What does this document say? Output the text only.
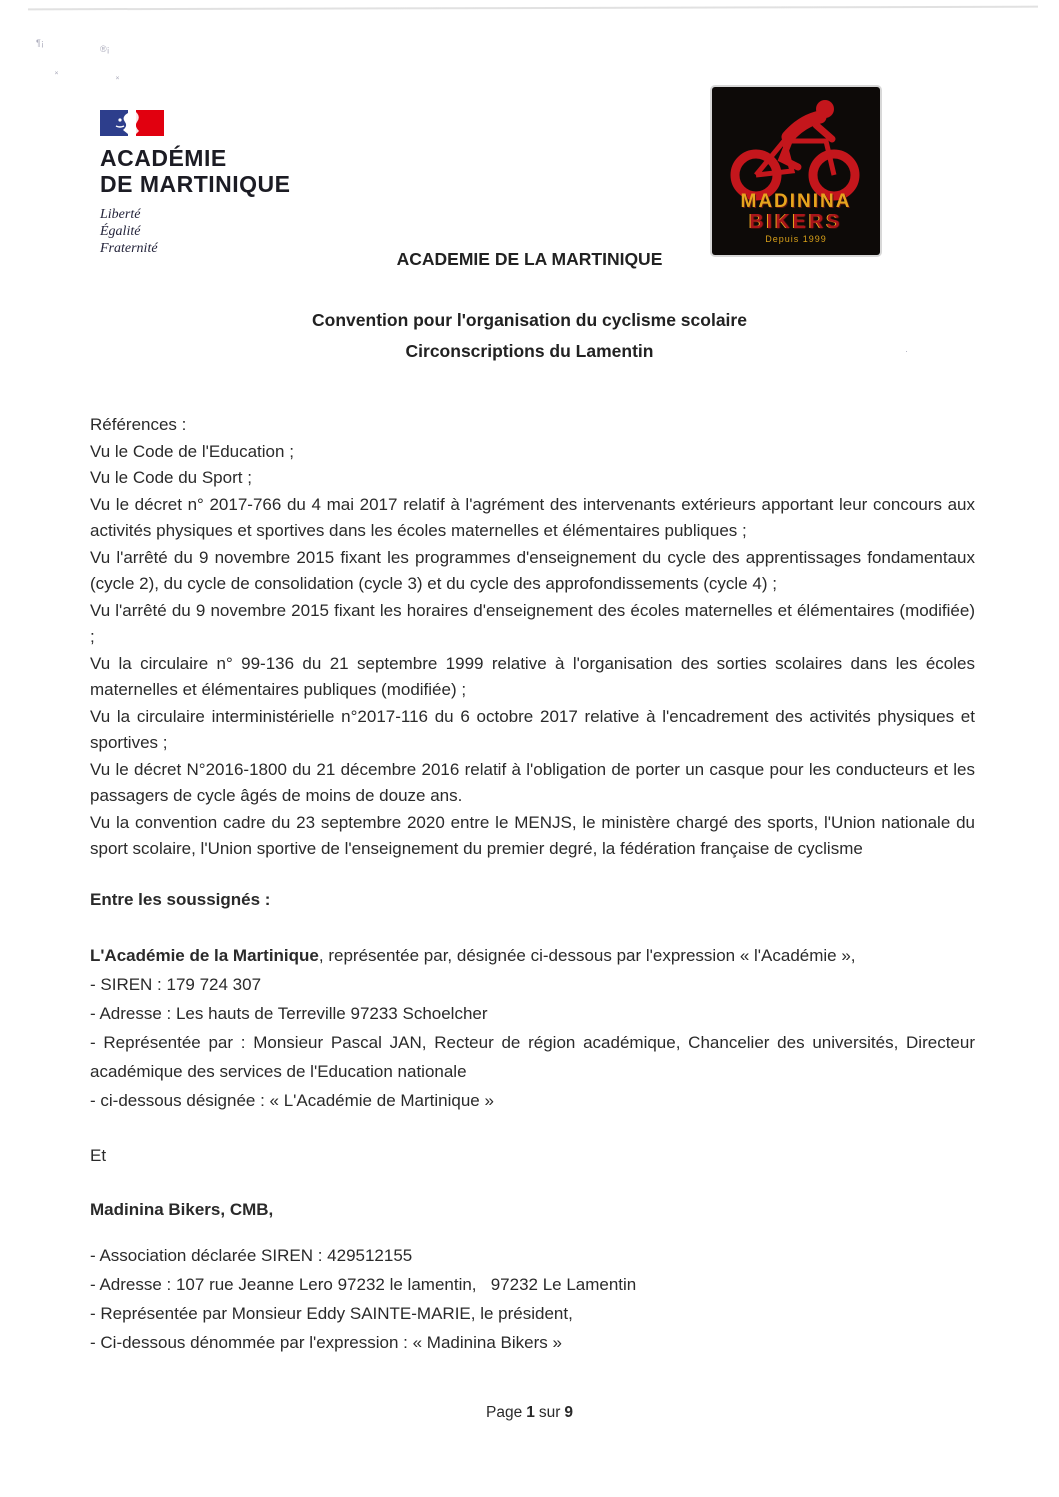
¶¡
®¡
˟	˟
·
ACADÉMIE
DE MARTINIQUE
Liberté
Égalité
Fraternité
MADININA
BIKERS
Depuis 1999

ACADEMIE DE LA MARTINIQUE

Convention pour l'organisation du cyclisme scolaire

Circonscriptions du Lamentin

Références :

Vu le Code de l'Education ;

Vu le Code du Sport ;

Vu le décret n° 2017-766 du 4 mai 2017 relatif à l'agrément des intervenants extérieurs apportant leur concours aux activités physiques et sportives dans les écoles maternelles et élémentaires publiques ;

Vu l'arrêté du 9 novembre 2015 fixant les programmes d'enseignement du cycle des apprentissages fondamentaux (cycle 2), du cycle de consolidation (cycle 3) et du cycle des approfondissements (cycle 4) ;

Vu l'arrêté du 9 novembre 2015 fixant les horaires d'enseignement des écoles maternelles et élémentaires (modifiée) ;

Vu la circulaire n° 99-136 du 21 septembre 1999 relative à l'organisation des sorties scolaires dans les écoles maternelles et élémentaires publiques (modifiée) ;

Vu la circulaire interministérielle n°2017-116 du 6 octobre 2017 relative à l'encadrement des activités physiques et sportives ;

Vu le décret N°2016-1800 du 21 décembre 2016 relatif à l'obligation de porter un casque pour les conducteurs et les passagers de cycle âgés de moins de douze ans.

Vu la convention cadre du 23 septembre 2020 entre le MENJS, le ministère chargé des sports, l'Union nationale du sport scolaire, l'Union sportive de l'enseignement du premier degré, la fédération française de cyclisme

Entre les soussignés :

L'Académie de la Martinique, représentée par, désignée ci-dessous par l'expression « l'Académie »,

- SIREN : 179 724 307

- Adresse : Les hauts de Terreville 97233 Schoelcher

- Représentée par : Monsieur Pascal JAN, Recteur de région académique, Chancelier des universités, Directeur académique des services de l'Education nationale

- ci-dessous désignée : « L'Académie de Martinique »

Et

Madinina Bikers, CMB,

- Association déclarée SIREN : 429512155

- Adresse : 107 rue Jeanne Lero 97232 le lamentin,   97232 Le Lamentin

- Représentée par Monsieur Eddy SAINTE-MARIE, le président,

- Ci-dessous dénommée par l'expression : « Madinina Bikers »

Page 1 sur 9
